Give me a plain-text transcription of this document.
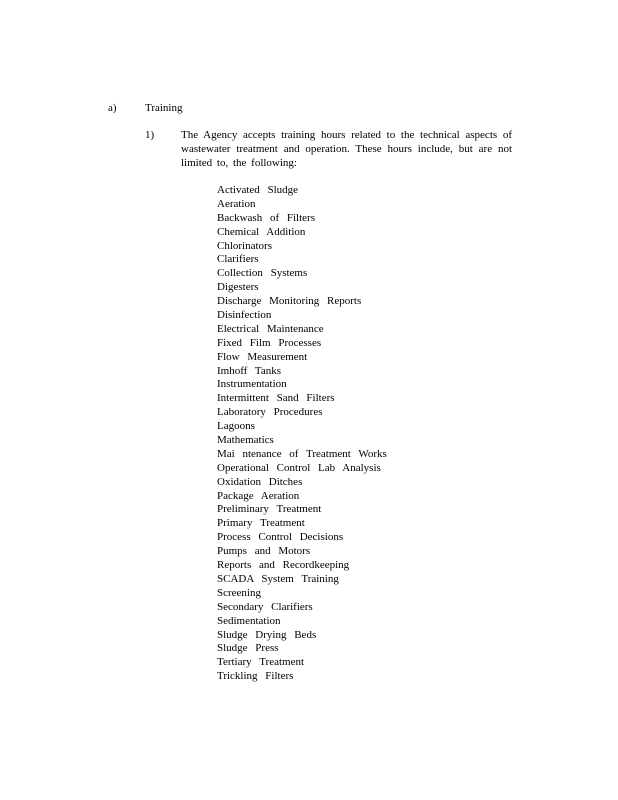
a)	Training
1) The Agency accepts training hours related to the technical aspects of
wastewater treatment and operation. These hours include, but are not
limited to, the following:
Activated Sludge
Aeration
Backwash of Filters
Chemical Addition
Chlorinators
Clarifiers
Collection Systems
Digesters
Discharge Monitoring Reports
Disinfection
Electrical Maintenance
Fixed Film Processes
Flow Measurement
Imhoff Tanks
Instrumentation
Intermittent Sand Filters
Laboratory Procedures
Lagoons
Mathematics
Mai ntenance of Treatment Works
Operational Control Lab Analysis
Oxidation Ditches
Package Aeration
Preliminary Treatment
Primary Treatment
Process Control Decisions
Pumps and Motors
Reports and Recordkeeping
SCADA System Training
Screening
Secondary Clarifiers
Sedimentation
Sludge Drying Beds
Sludge Press
Tertiary Treatment
Trickling Filters
